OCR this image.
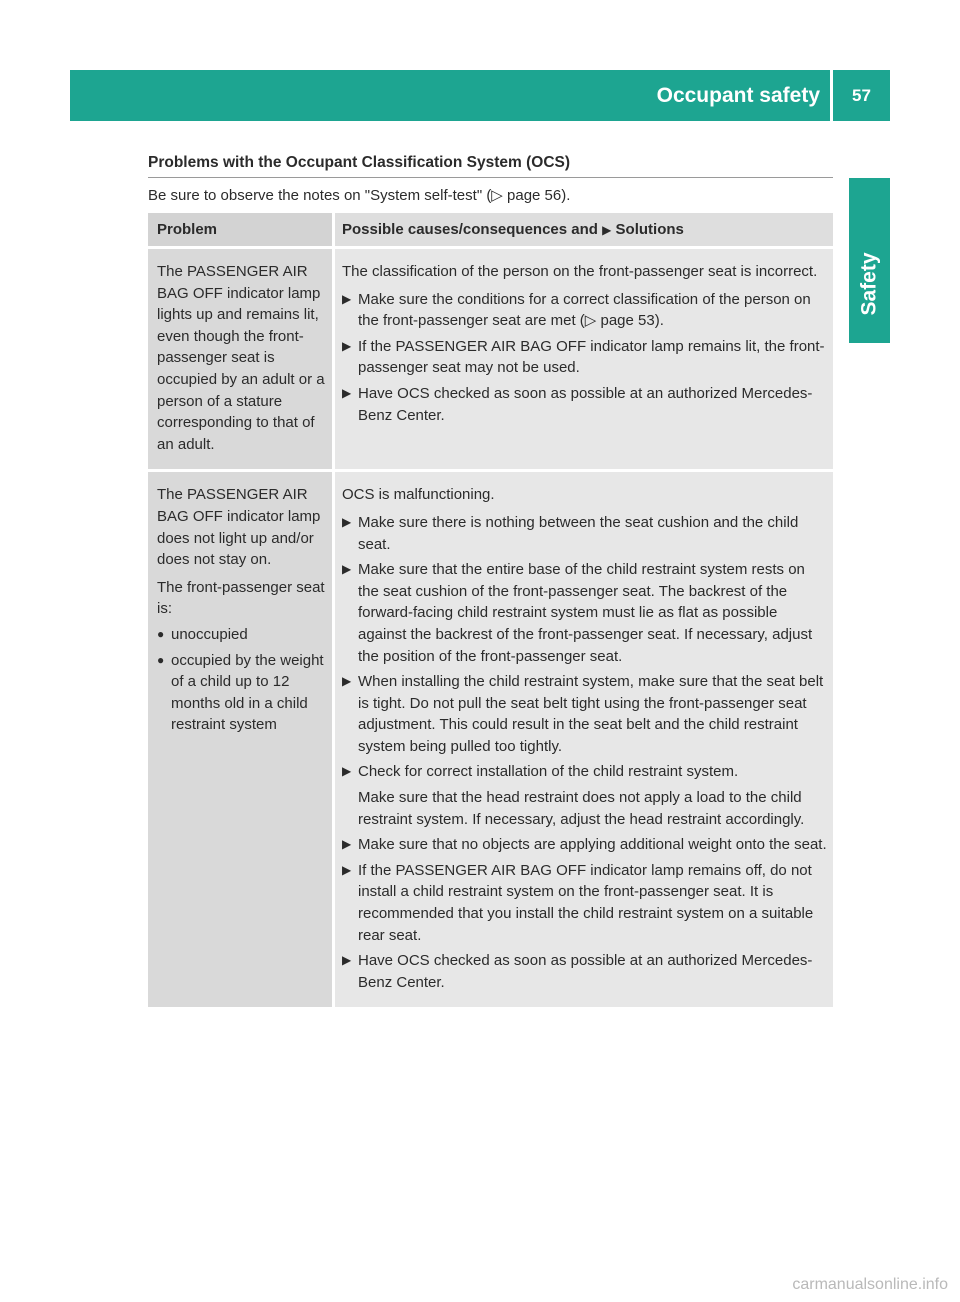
Occupant safety	57
Safety
Problems with the Occupant Classification System (OCS)
Be sure to observe the notes on "System self-test" (▷ page 56).
Problem	Possible causes/consequences and ▶ Solutions

The PASSENGER AIR BAG OFF indicator lamp lights up and remains lit, even though the front-passenger seat is occupied by an adult or a person of a stature corresponding to that of an adult.

The classification of the person on the front-passenger seat is incorrect.

▶ Make sure the conditions for a correct classification of the person on the front-passenger seat are met (▷ page 53).
▶ If the PASSENGER AIR BAG OFF indicator lamp remains lit, the front-passenger seat may not be used.
▶ Have OCS checked as soon as possible at an authorized Mercedes-Benz Center.

The PASSENGER AIR BAG OFF indicator lamp does not light up and/or does not stay on.

The front-passenger seat is:

● unoccupied
● occupied by the weight of a child up to 12 months old in a child restraint system

OCS is malfunctioning.

▶ Make sure there is nothing between the seat cushion and the child seat.
▶ Make sure that the entire base of the child restraint system rests on the seat cushion of the front-passenger seat. The backrest of the forward-facing child restraint system must lie as flat as possible against the backrest of the front-passenger seat. If necessary, adjust the position of the front-passenger seat.
▶ When installing the child restraint system, make sure that the seat belt is tight. Do not pull the seat belt tight using the front-passenger seat adjustment. This could result in the seat belt and the child restraint system being pulled too tightly.
▶ Check for correct installation of the child restraint system.

Make sure that the head restraint does not apply a load to the child restraint system. If necessary, adjust the head restraint accordingly.

▶ Make sure that no objects are applying additional weight onto the seat.
▶ If the PASSENGER AIR BAG OFF indicator lamp remains off, do not install a child restraint system on the front-passenger seat. It is recommended that you install the child restraint system on a suitable rear seat.
▶ Have OCS checked as soon as possible at an authorized Mercedes-Benz Center.
carmanualsonline.info
